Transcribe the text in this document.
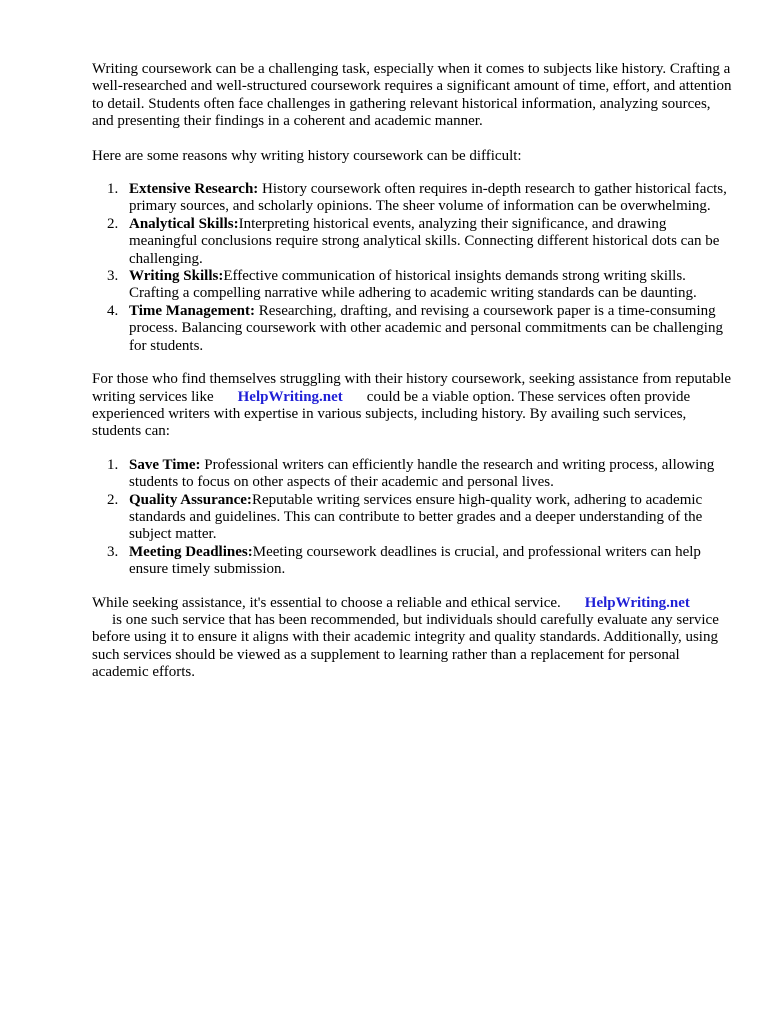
Writing coursework can be a challenging task, especially when it comes to subjects like history. Crafting a well-researched and well-structured coursework requires a significant amount of time, effort, and attention to detail. Students often face challenges in gathering relevant historical information, analyzing sources, and presenting their findings in a coherent and academic manner.

Here are some reasons why writing history coursework can be difficult:

1. Extensive Research: History coursework often requires in-depth research to gather historical facts, primary sources, and scholarly opinions. The sheer volume of information can be overwhelming.
2. Analytical Skills:Interpreting historical events, analyzing their significance, and drawing meaningful conclusions require strong analytical skills. Connecting different historical dots can be challenging.
3. Writing Skills:Effective communication of historical insights demands strong writing skills. Crafting a compelling narrative while adhering to academic writing standards can be daunting.
4. Time Management: Researching, drafting, and revising a coursework paper is a time-consuming process. Balancing coursework with other academic and personal commitments can be challenging for students.

For those who find themselves struggling with their history coursework, seeking assistance from reputable writing services like HelpWriting.net could be a viable option. These services often provide experienced writers with expertise in various subjects, including history. By availing such services, students can:

1. Save Time: Professional writers can efficiently handle the research and writing process, allowing students to focus on other aspects of their academic and personal lives.
2. Quality Assurance:Reputable writing services ensure high-quality work, adhering to academic standards and guidelines. This can contribute to better grades and a deeper understanding of the subject matter.
3. Meeting Deadlines:Meeting coursework deadlines is crucial, and professional writers can help ensure timely submission.

While seeking assistance, it's essential to choose a reliable and ethical service. HelpWriting.net
is one such service that has been recommended, but individuals should carefully evaluate any service before using it to ensure it aligns with their academic integrity and quality standards. Additionally, using such services should be viewed as a supplement to learning rather than a replacement for personal academic efforts.
